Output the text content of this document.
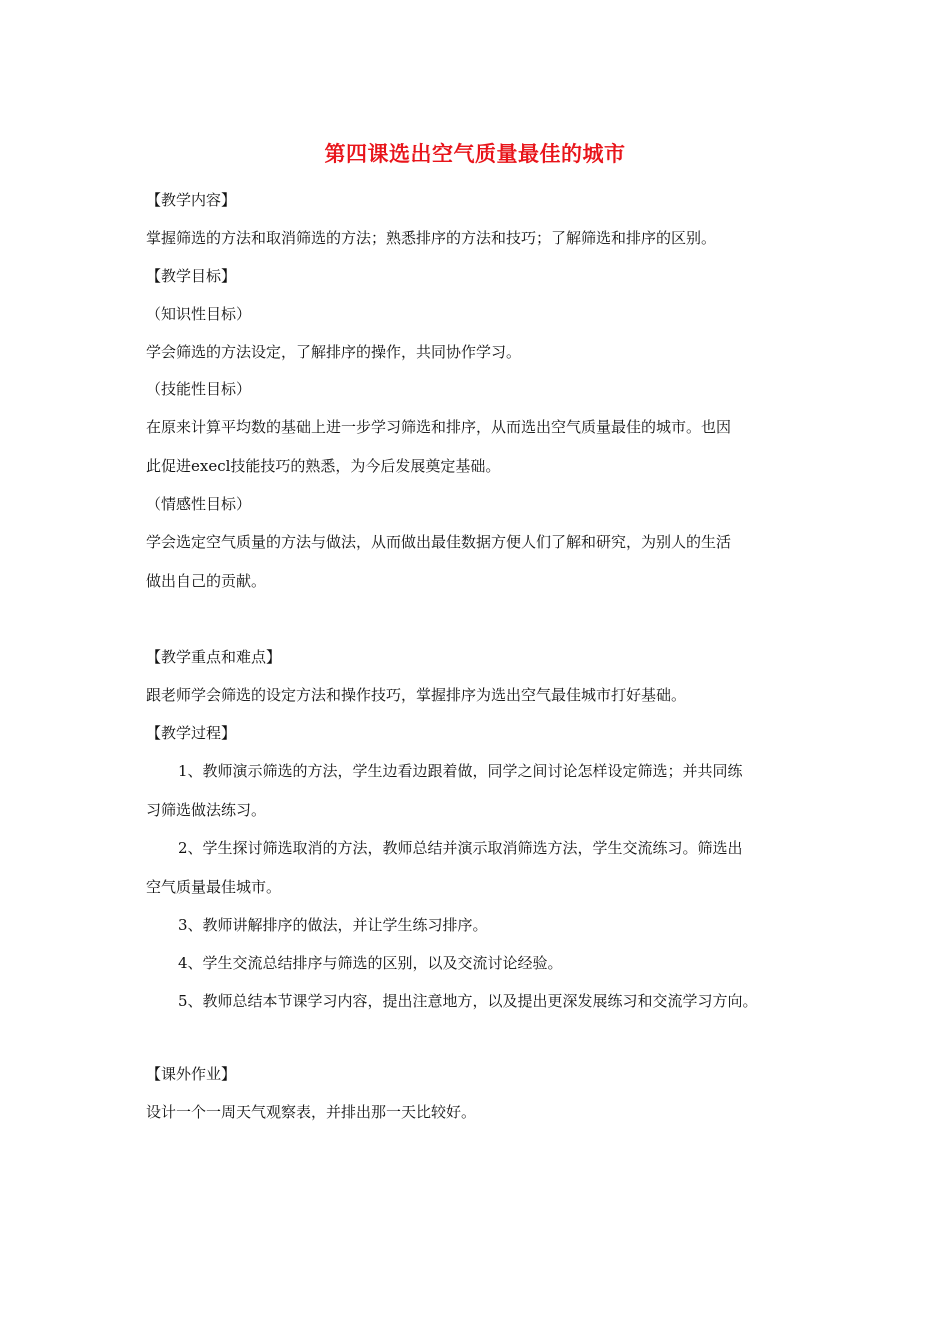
第四课选出空气质量最佳的城市
【教学内容】
掌握筛选的方法和取消筛选的方法；熟悉排序的方法和技巧；了解筛选和排序的区别。
【教学目标】
（知识性目标）
学会筛选的方法设定，了解排序的操作，共同协作学习。
（技能性目标）
在原来计算平均数的基础上进一步学习筛选和排序，从而选出空气质量最佳的城市。也因
此促进execl技能技巧的熟悉，为今后发展奠定基础。
（情感性目标）
学会选定空气质量的方法与做法，从而做出最佳数据方便人们了解和研究，为别人的生活
做出自己的贡献。
【教学重点和难点】
跟老师学会筛选的设定方法和操作技巧，掌握排序为选出空气最佳城市打好基础。
【教学过程】
1、教师演示筛选的方法，学生边看边跟着做，同学之间讨论怎样设定筛选；并共同练
习筛选做法练习。
2、学生探讨筛选取消的方法，教师总结并演示取消筛选方法，学生交流练习。筛选出
空气质量最佳城市。
3、教师讲解排序的做法，并让学生练习排序。
4、学生交流总结排序与筛选的区别，以及交流讨论经验。
5、教师总结本节课学习内容，提出注意地方，以及提出更深发展练习和交流学习方向。
【课外作业】
设计一个一周天气观察表，并排出那一天比较好。
